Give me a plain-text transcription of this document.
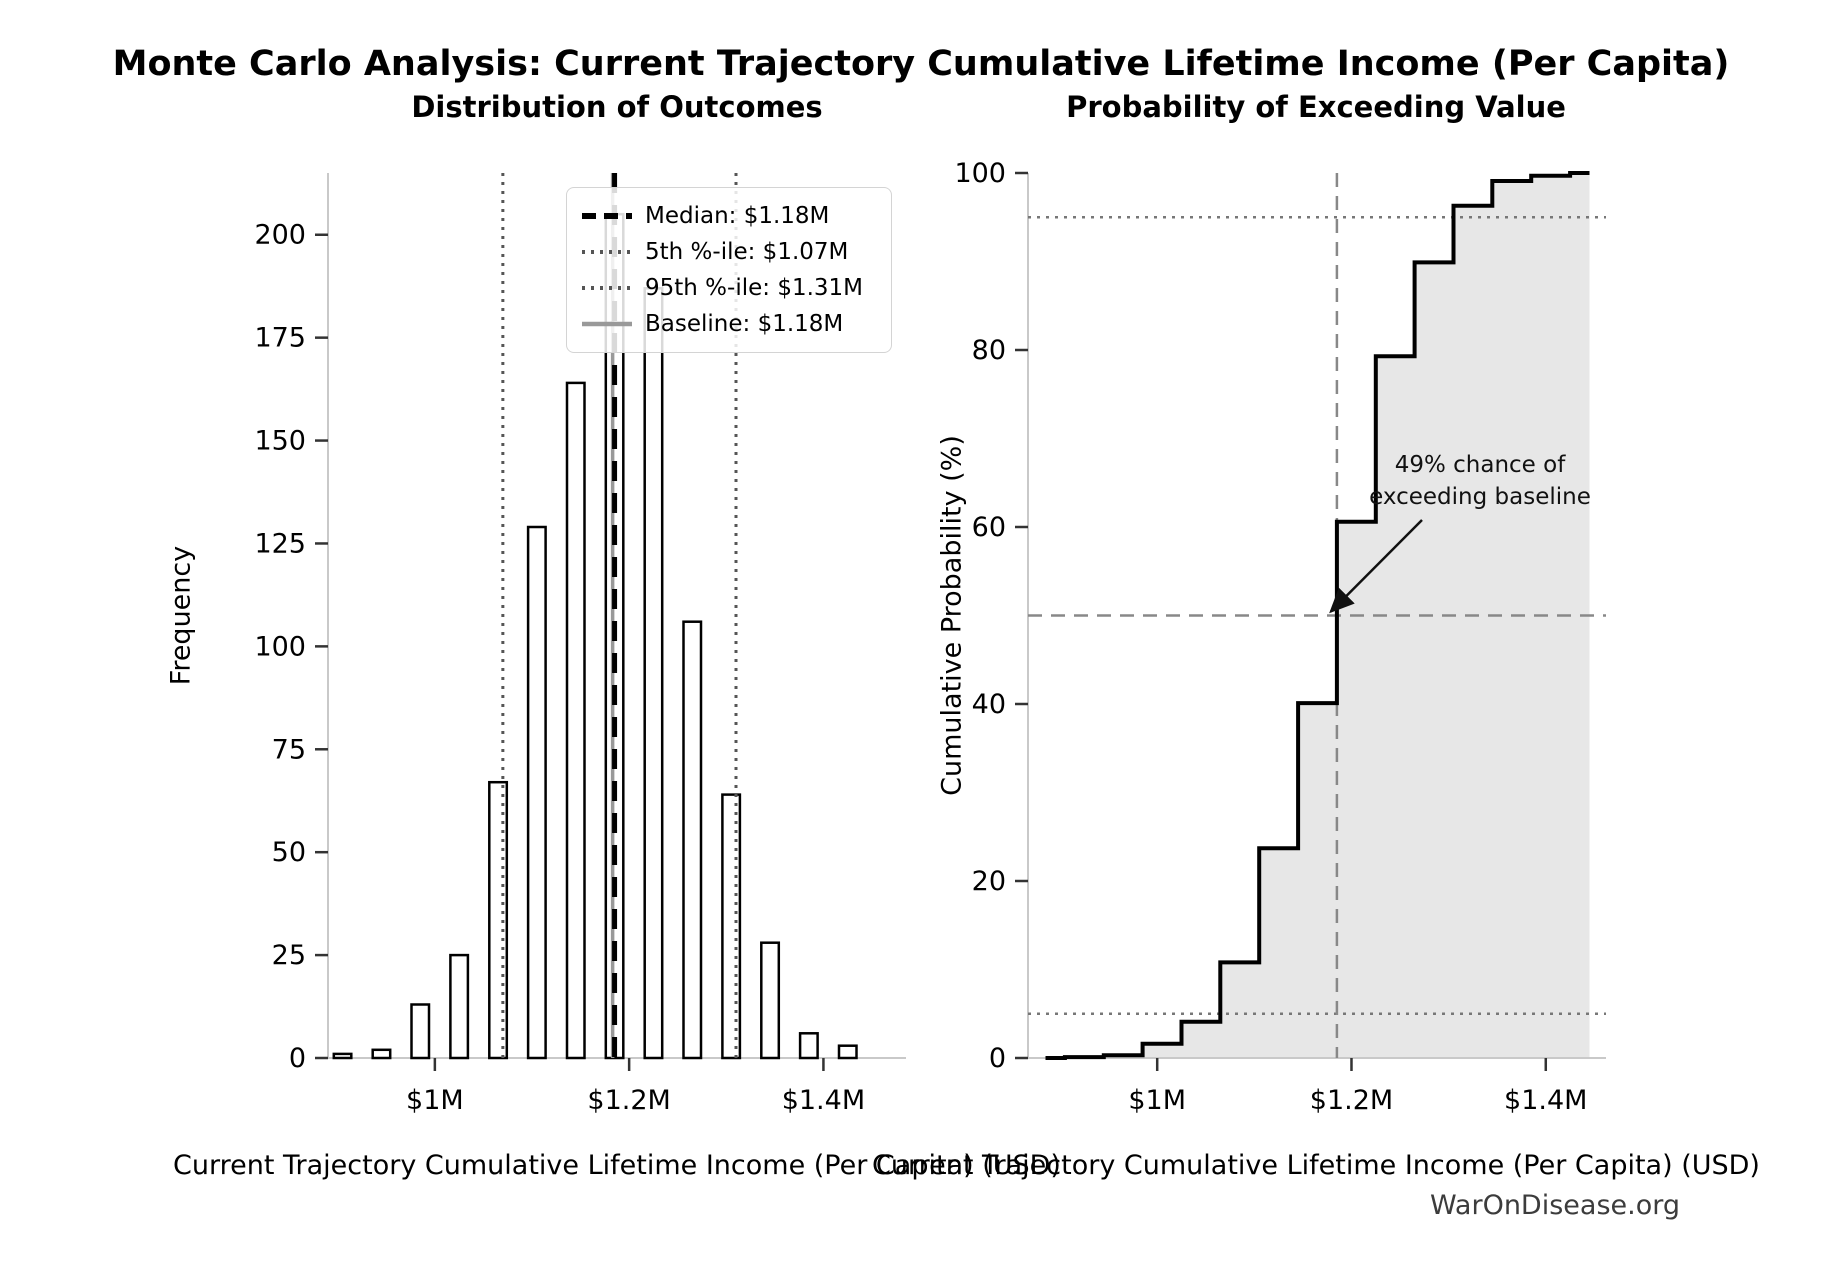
$1M	$1.2M	$1.4M
0
25
50
75
100
125
150
175
200
$1M	$1.2M	$1.4M
0
20
40
60
80
100
Monte Carlo Analysis: Current Trajectory Cumulative Lifetime Income (Per Capita)
Distribution of Outcomes	Probability of Exceeding Value
Frequency	Cumulative Probability (%)
Current Trajectory Cumulative Lifetime Income (Per Capita) (USD)
Current Trajectory Cumulative Lifetime Income (Per Capita) (USD)
Median: $1.18M
5th %-ile: $1.07M
95th %-ile: $1.31M
Baseline: $1.18M
49% chance of
exceeding baseline
WarOnDisease.org
